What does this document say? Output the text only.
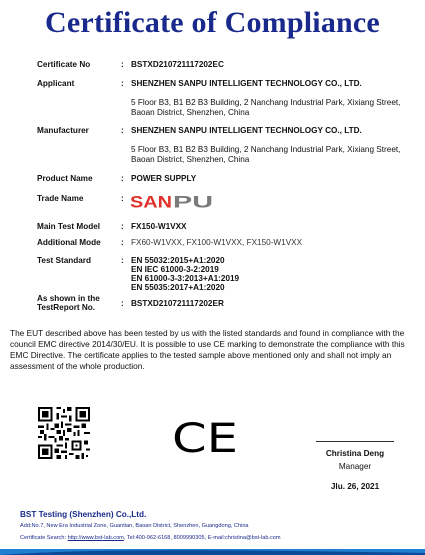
Certificate of Compliance
Certificate No	: BSTXD210721117202EC
Applicant	: SHENZHEN SANPU INTELLIGENT TECHNOLOGY CO., LTD.
5 Floor B3, B1 B2 B3 Building, 2 Nanchang Industrial Park, Xixiang Street, Baoan District, Shenzhen, China
Manufacturer	: SHENZHEN SANPU INTELLIGENT TECHNOLOGY CO., LTD.
5 Floor B3, B1 B2 B3 Building, 2 Nanchang Industrial Park, Xixiang Street, Baoan District, Shenzhen, China
Product Name	: POWER SUPPLY
Trade Name	: SAN PU
Main Test Model	: FX150-W1VXX
Additional Mode : FX60-W1VXX, FX100-W1VXX, FX150-W1VXX
Test Standard	: EN 55032:2015+A1:2020
EN IEC 61000-3-2:2019
EN 61000-3-3:2013+A1:2019
EN 55035:2017+A1:2020
As shown in the
TestReport No.	: BSTXD210721117202ER
The EUT described above has been tested by us with the listed standards and found in compliance with the council EMC directive 2014/30/EU. It is possible to use CE marking to demonstrate the compliance with this EMC Directive. The certificate applies to the tested sample above mentioned only and shall not imply an assessment of the whole production.
CE	Christina Deng
Manager
Jlu. 26, 2021
BST Testing (Shenzhen) Co.,Ltd.
Add:No.7, New Era Industrial Zone, Guantian, Baoan District, Shenzhen, Guangdong, China
Certificate Search: http://www.bst-lab.com, Tel:400-962-6168, 8009990305, E-mail:christina@bst-lab.com
